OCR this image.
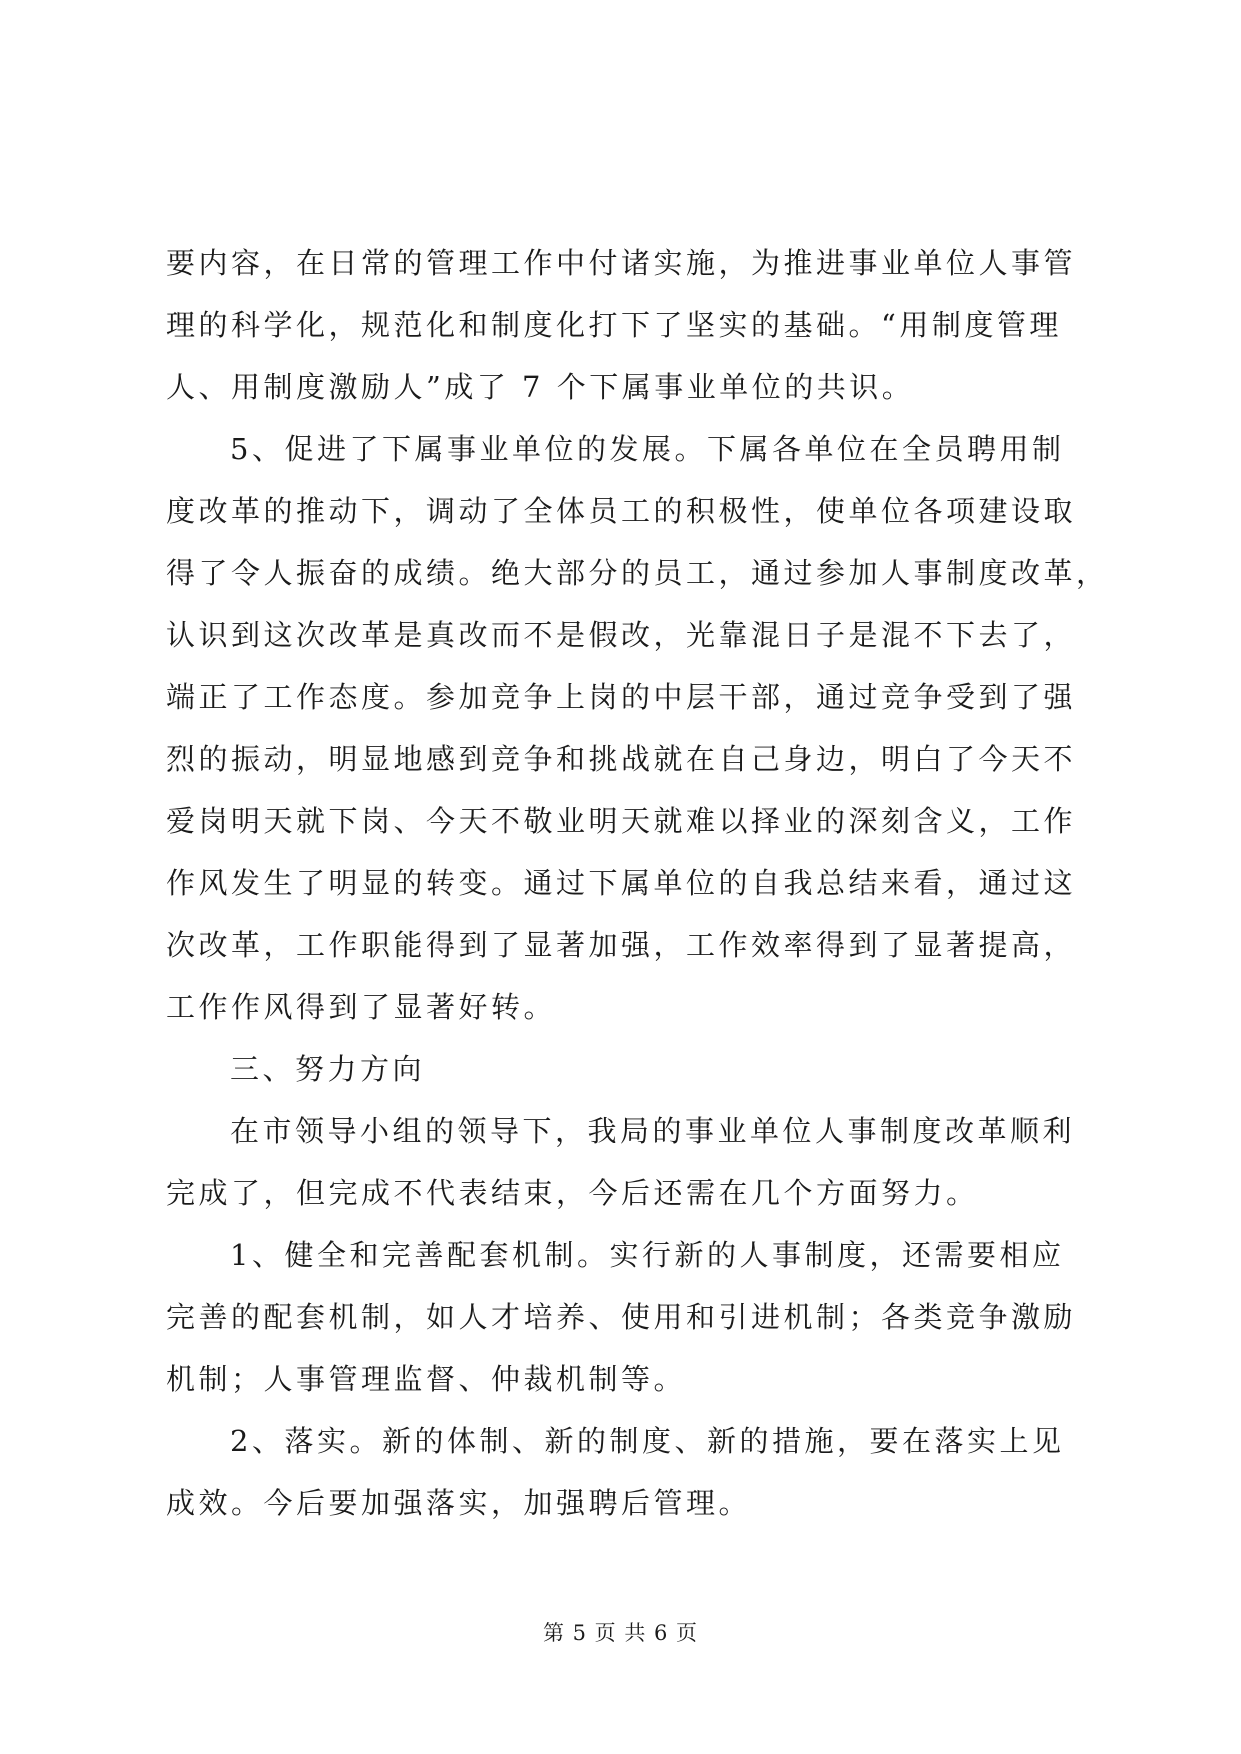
要内容，在日常的管理工作中付诸实施，为推进事业单位人事管
理的科学化，规范化和制度化打下了坚实的基础。“用制度管理
人、用制度激励人”成了 7 个下属事业单位的共识。
5、促进了下属事业单位的发展。下属各单位在全员聘用制
度改革的推动下，调动了全体员工的积极性，使单位各项建设取
得了令人振奋的成绩。绝大部分的员工，通过参加人事制度改革，
认识到这次改革是真改而不是假改，光靠混日子是混不下去了，
端正了工作态度。参加竞争上岗的中层干部，通过竞争受到了强
烈的振动，明显地感到竞争和挑战就在自己身边，明白了今天不
爱岗明天就下岗、今天不敬业明天就难以择业的深刻含义，工作
作风发生了明显的转变。通过下属单位的自我总结来看，通过这
次改革，工作职能得到了显著加强，工作效率得到了显著提高，
工作作风得到了显著好转。
三、努力方向
在市领导小组的领导下，我局的事业单位人事制度改革顺利
完成了，但完成不代表结束，今后还需在几个方面努力。
1、健全和完善配套机制。实行新的人事制度，还需要相应
完善的配套机制，如人才培养、使用和引进机制；各类竞争激励
机制；人事管理监督、仲裁机制等。
2、落实。新的体制、新的制度、新的措施，要在落实上见
成效。今后要加强落实，加强聘后管理。
第 5 页 共 6 页
